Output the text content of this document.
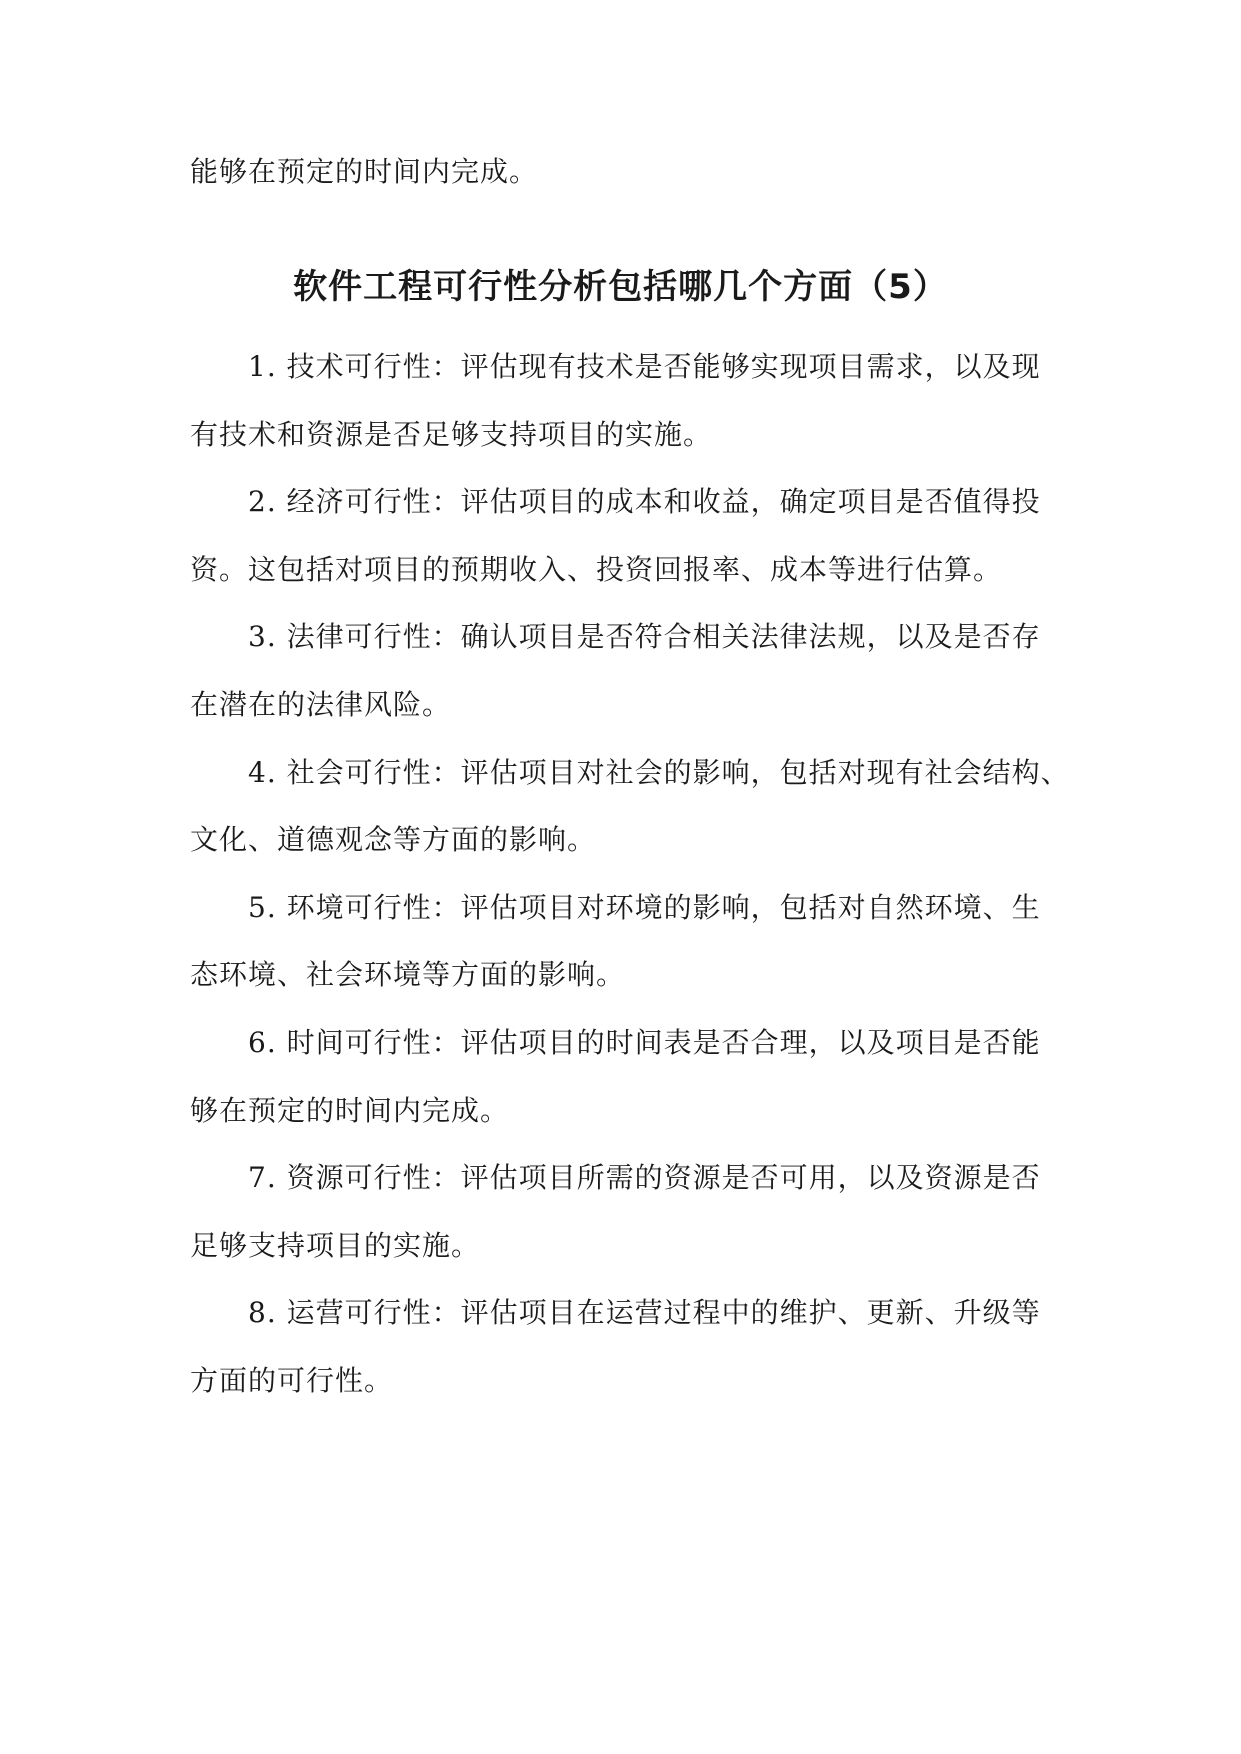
能够在预定的时间内完成。
软件工程可行性分析包括哪几个方面（5）
1. 技术可行性：评估现有技术是否能够实现项目需求，以及现
有技术和资源是否足够支持项目的实施。
2. 经济可行性：评估项目的成本和收益，确定项目是否值得投
资。这包括对项目的预期收入、投资回报率、成本等进行估算。
3. 法律可行性：确认项目是否符合相关法律法规，以及是否存
在潜在的法律风险。
4. 社会可行性：评估项目对社会的影响，包括对现有社会结构、
文化、道德观念等方面的影响。
5. 环境可行性：评估项目对环境的影响，包括对自然环境、生
态环境、社会环境等方面的影响。
6. 时间可行性：评估项目的时间表是否合理，以及项目是否能
够在预定的时间内完成。
7. 资源可行性：评估项目所需的资源是否可用，以及资源是否
足够支持项目的实施。
8. 运营可行性：评估项目在运营过程中的维护、更新、升级等
方面的可行性。
